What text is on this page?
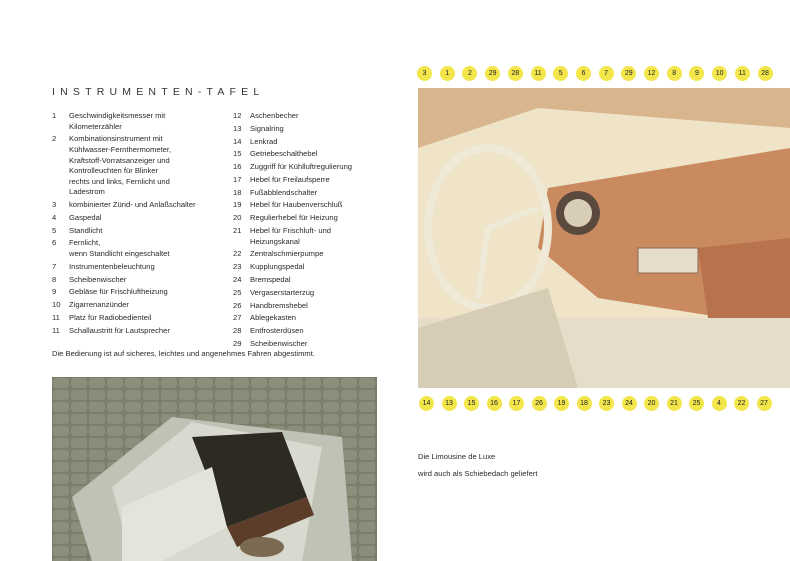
INSTRUMENTEN-TAFEL
1	Geschwindigkeitsmesser mit
Kilometerzähler
2	Kombinationsinstrument mit
Kühlwasser-Fernthermometer,
Kraftstoff-Vorratsanzeiger und
Kontrolleuchten für Blinker
rechts und links, Fernlicht und
Ladestrom
3	kombinierter Zünd- und Anlaßschalter
4	Gaspedal
5	Standlicht
6	Fernlicht,
wenn Standlicht eingeschaltet
7	Instrumentenbeleuchtung
8	Scheibenwischer
9	Gebläse für Frischluftheizung
10	Zigarrenanzünder
11	Platz für Radiobedienteil
11	Schallaustritt für Lautsprecher
12	Aschenbecher
13	Signalring
14	Lenkrad
15	Getriebeschalthebel
16	Zuggriff für Kühlluftregulierung
17	Hebel für Freilaufsperre
18	Fußabblendschalter
19	Hebel für Haubenverschluß
20	Regulierhebel für Heizung
21	Hebel für Frischluft- und
Heizungskanal
22	Zentralschmierpumpe
23	Kupplungspedal
24	Bremspedal
25	Vergaserstarterzug
26	Handbremshebel
27	Ablegekasten
28	Entfrosterdüsen
29	Scheibenwischer
Die Bedienung ist auf sicheres, leichtes und angenehmes Fahren abgestimmt.
3	1	2	29	28	11	5	6	7	29	12	8	9	10	11	28
14	13	15	16	17	26	19	18	23	24	20	21	25	4	22	27
Die Limousine de Luxe
wird auch als Schiebedach geliefert
